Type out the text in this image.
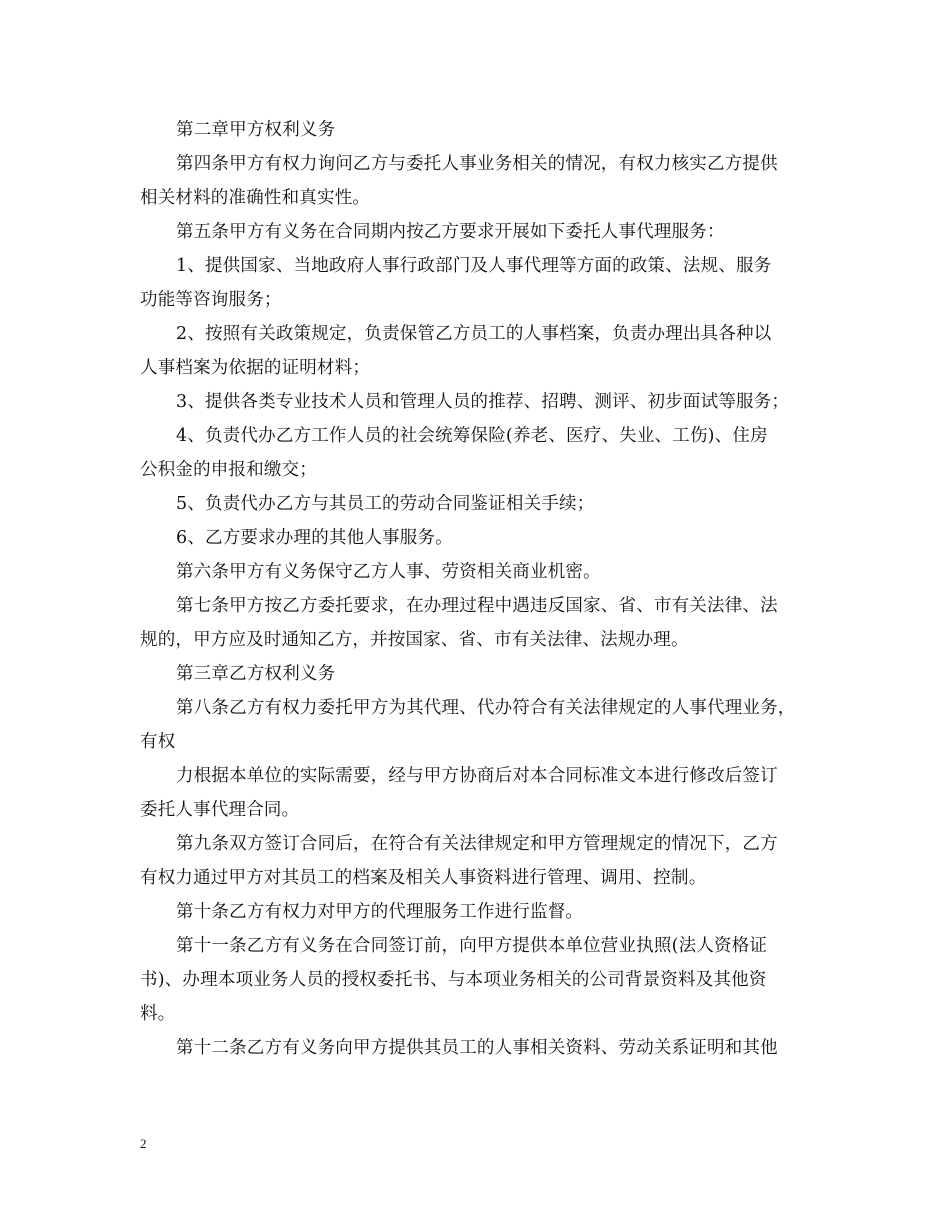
第二章甲方权利义务
第四条甲方有权力询问乙方与委托人事业务相关的情况，有权力核实乙方提供
相关材料的准确性和真实性。
第五条甲方有义务在合同期内按乙方要求开展如下委托人事代理服务：
1、提供国家、当地政府人事行政部门及人事代理等方面的政策、法规、服务
功能等咨询服务；
2、按照有关政策规定，负责保管乙方员工的人事档案，负责办理出具各种以
人事档案为依据的证明材料；
3、提供各类专业技术人员和管理人员的推荐、招聘、测评、初步面试等服务；
4、负责代办乙方工作人员的社会统筹保险(养老、医疗、失业、工伤)、住房
公积金的申报和缴交；
5、负责代办乙方与其员工的劳动合同鉴证相关手续；
6、乙方要求办理的其他人事服务。
第六条甲方有义务保守乙方人事、劳资相关商业机密。
第七条甲方按乙方委托要求，在办理过程中遇违反国家、省、市有关法律、法
规的，甲方应及时通知乙方，并按国家、省、市有关法律、法规办理。
第三章乙方权利义务
第八条乙方有权力委托甲方为其代理、代办符合有关法律规定的人事代理业务，
有权
力根据本单位的实际需要，经与甲方协商后对本合同标准文本进行修改后签订
委托人事代理合同。
第九条双方签订合同后，在符合有关法律规定和甲方管理规定的情况下，乙方
有权力通过甲方对其员工的档案及相关人事资料进行管理、调用、控制。
第十条乙方有权力对甲方的代理服务工作进行监督。
第十一条乙方有义务在合同签订前，向甲方提供本单位营业执照(法人资格证
书)、办理本项业务人员的授权委托书、与本项业务相关的公司背景资料及其他资
料。
第十二条乙方有义务向甲方提供其员工的人事相关资料、劳动关系证明和其他
2
